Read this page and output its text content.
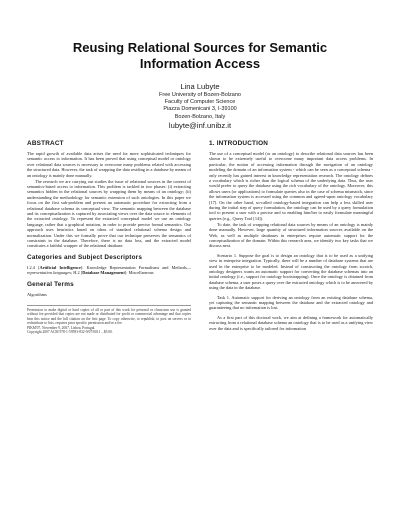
Reusing Relational Sources for Semantic Information Access
Lina Lubyte
Free University of Bozen-Bolzano
Faculty of Computer Science
Piazza Domenicani 3, I-39100
Bozen-Bolzano, Italy
lubyte@inf.unibz.it
ABSTRACT

The rapid growth of available data arises the need for more sophisticated techniques for semantic access to information. It has been proved that using conceptual model or ontology over relational data sources is necessary to overcome many problems related with accessing the structured data. However, the task of wrapping the data residing in a database by means of an ontology is mainly done manually.

The research we are carrying out studies the issue of relational sources in the context of semantics-based access to information. This problem is tackled in two phases: (i) extracting semantics hidden in the relational sources by wrapping them by means of an ontology; (ii) understanding the methodology for semantic extension of such ontologies. In this paper we focus on the first sub-problem and present an automatic procedure for extracting from a relational database schema its conceptual view. The semantic mapping between the database and its conceptualization is captured by associating views over the data source to elements of the extracted ontology. To represent the extracted conceptual model we use an ontology language, rather that a graphical notation, in order to provide precise formal semantics. Our approach uses heuristics based on ideas of standard relational schema design and normalization. Under this we formally prove that our technique preserves the semantics of constraints in the database. Therefore, there is no data loss, and the extracted model constitutes a faithful wrapper of the relational database.

Categories and Subject Descriptors

I.2.4 [Artificial Intelligence]: Knowledge Representation Formalisms and Methods—representation languages; H.2 [Database Management]: Miscellaneous

General Terms

Algorithms

Permission to make digital or hard copies of all or part of this work for personal or classroom use is granted without fee provided that copies are not made or distributed for profit or commercial advantage and that copies bear this notice and the full citation on the first page. To copy otherwise, to republish, to post on servers or to redistribute to lists, requires prior specific permission and/or a fee.
PIKM'07, November 9, 2007, Lisboa, Portugal.
Copyright 2007 ACM 978-1-59593-832-9/07/0011 ...$5.00.
1. INTRODUCTION

The use of a conceptual model (or an ontology) to describe relational data sources has been shown to be extremely useful to overcome many important data access problems. In particular, the notion of accessing information through the navigation of an ontology modeling the domain of an information system - which can be seen as a conceptual schema - only recently has gained interest in knowledge representation research. The ontology defines a vocabulary which is richer than the logical schema of the underlying data. Thus, the user would prefer to query the database using the rich vocabulary of the ontology. Moreover, this allows users (or applications) to formulate queries also in the case of schema mismatch, since the information system is accessed using the common and agreed-upon ontology vocabulary [17]. On the other hand, so-called ontology-based integration can help a less skilled user during the initial step of query formulation, the ontology can be used by a query formulation tool to present a user with a precise and so enabling him/her to easily formulate meaningful queries (e.g., Query Tool [14]).

To date, the task of wrapping relational data sources by means of an ontology is mainly done manually. However, large quantity of structured information sources available on the Web, as well as multiple databases in enterprises require automatic support for the conceptualization of the domain. Within this research area, we identify two key tasks that we discuss next.

Scenario 1. Suppose the goal is to design an ontology that is to be used as a unifying view in enterprise integration. Typically, there will be a number of database systems that are used in the enterprise to be modeled. Instead of constructing the ontology from scratch, ontology designers wants an automatic support for converting the database schemas into an initial ontology (i.e., support for ontology bootstrapping). Once the ontology is obtained from database schema, a user poses a query over the extracted ontology which is to be answered by using the data in the database.

Task 1. Automatic support for deriving an ontology from an existing database schema, yet capturing the semantic mapping between the database and the extracted ontology and guaranteeing that no information is lost.

As a first part of this doctoral work, we aim at defining a framework for automatically extracting from a relational database schema an ontology that is to be used as a unifying view over the data and is specifically tailored for information
